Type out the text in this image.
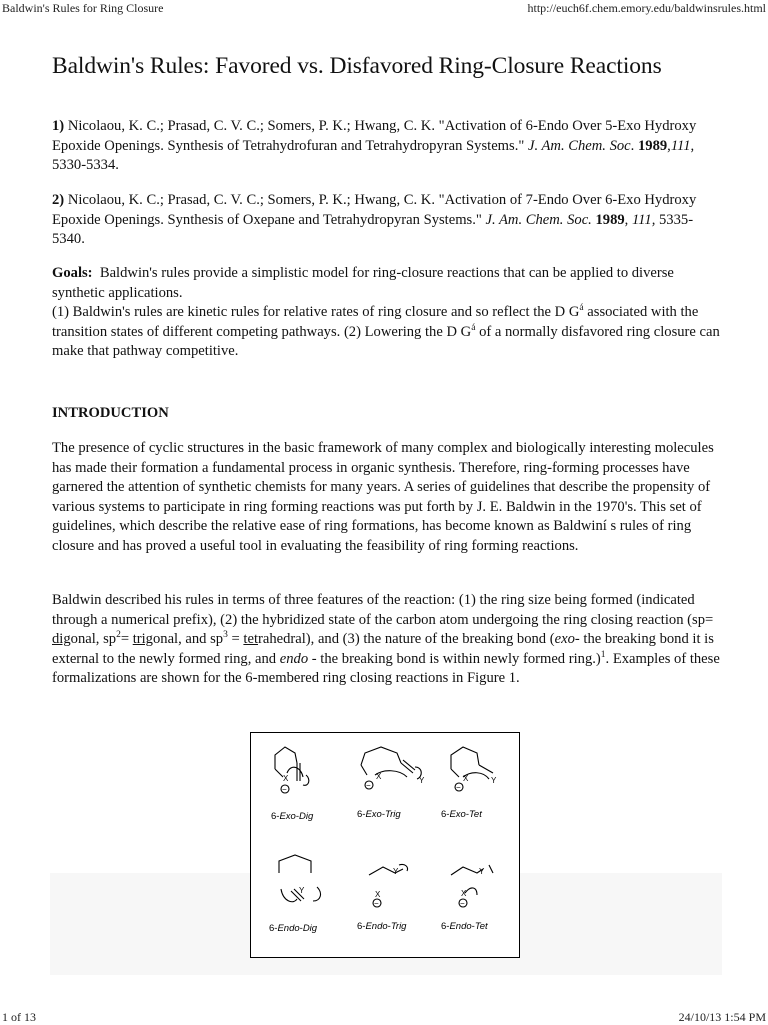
Baldwin's Rules for Ring Closure	http://euch6f.chem.emory.edu/baldwinsrules.html
Baldwin's Rules: Favored vs. Disfavored Ring-Closure Reactions

1) Nicolaou, K. C.; Prasad, C. V. C.; Somers, P. K.; Hwang, C. K. "Activation of 6-Endo Over 5-Exo Hydroxy Epoxide Openings. Synthesis of Tetrahydrofuran and Tetrahydropyran Systems." J. Am. Chem. Soc. 1989,111, 5330-5334.

2) Nicolaou, K. C.; Prasad, C. V. C.; Somers, P. K.; Hwang, C. K. "Activation of 7-Endo Over 6-Exo Hydroxy Epoxide Openings. Synthesis of Oxepane and Tetrahydropyran Systems." J. Am. Chem. Soc. 1989, 111, 5335-5340.

Goals: Baldwin's rules provide a simplistic model for ring-closure reactions that can be applied to diverse synthetic applications.
(1) Baldwin's rules are kinetic rules for relative rates of ring closure and so reflect the D $G^á$ associated with the transition states of different competing pathways. (2) Lowering the D $G^á$ of a normally disfavored ring closure can make that pathway competitive.

INTRODUCTION

The presence of cyclic structures in the basic framework of many complex and biologically interesting molecules has made their formation a fundamental process in organic synthesis. Therefore, ring-forming processes have garnered the attention of synthetic chemists for many years. A series of guidelines that describe the propensity of various systems to participate in ring forming reactions was put forth by J. E. Baldwin in the 1970's. This set of guidelines, which describe the relative ease of ring formations, has become known as Baldwiní s rules of ring closure and has proved a useful tool in evaluating the feasibility of ring forming reactions.

Baldwin described his rules in terms of three features of the reaction: (1) the ring size being formed (indicated through a numerical prefix), (2) the hybridized state of the carbon atom undergoing the ring closing reaction (sp= digonal, $sp^2=$ trigonal, and $sp^3$ = tetrahedral), and (3) the nature of the breaking bond (exo- the breaking bond it is external to the newly formed ring, and endo - the breaking bond is within newly formed ring.)$^1$. Examples of these formalizations are shown for the 6-membered ring closing reactions in Figure 1.

X
−
X
−
Y	X
−
Y
Y	X
−
Y
X
−
Y
6-Exo-Dig	6-Exo-Trig	6-Exo-Tet
6-Endo-Dig	6-Endo-Trig	6-Endo-Tet
1 of 13	24/10/13 1:54 PM
